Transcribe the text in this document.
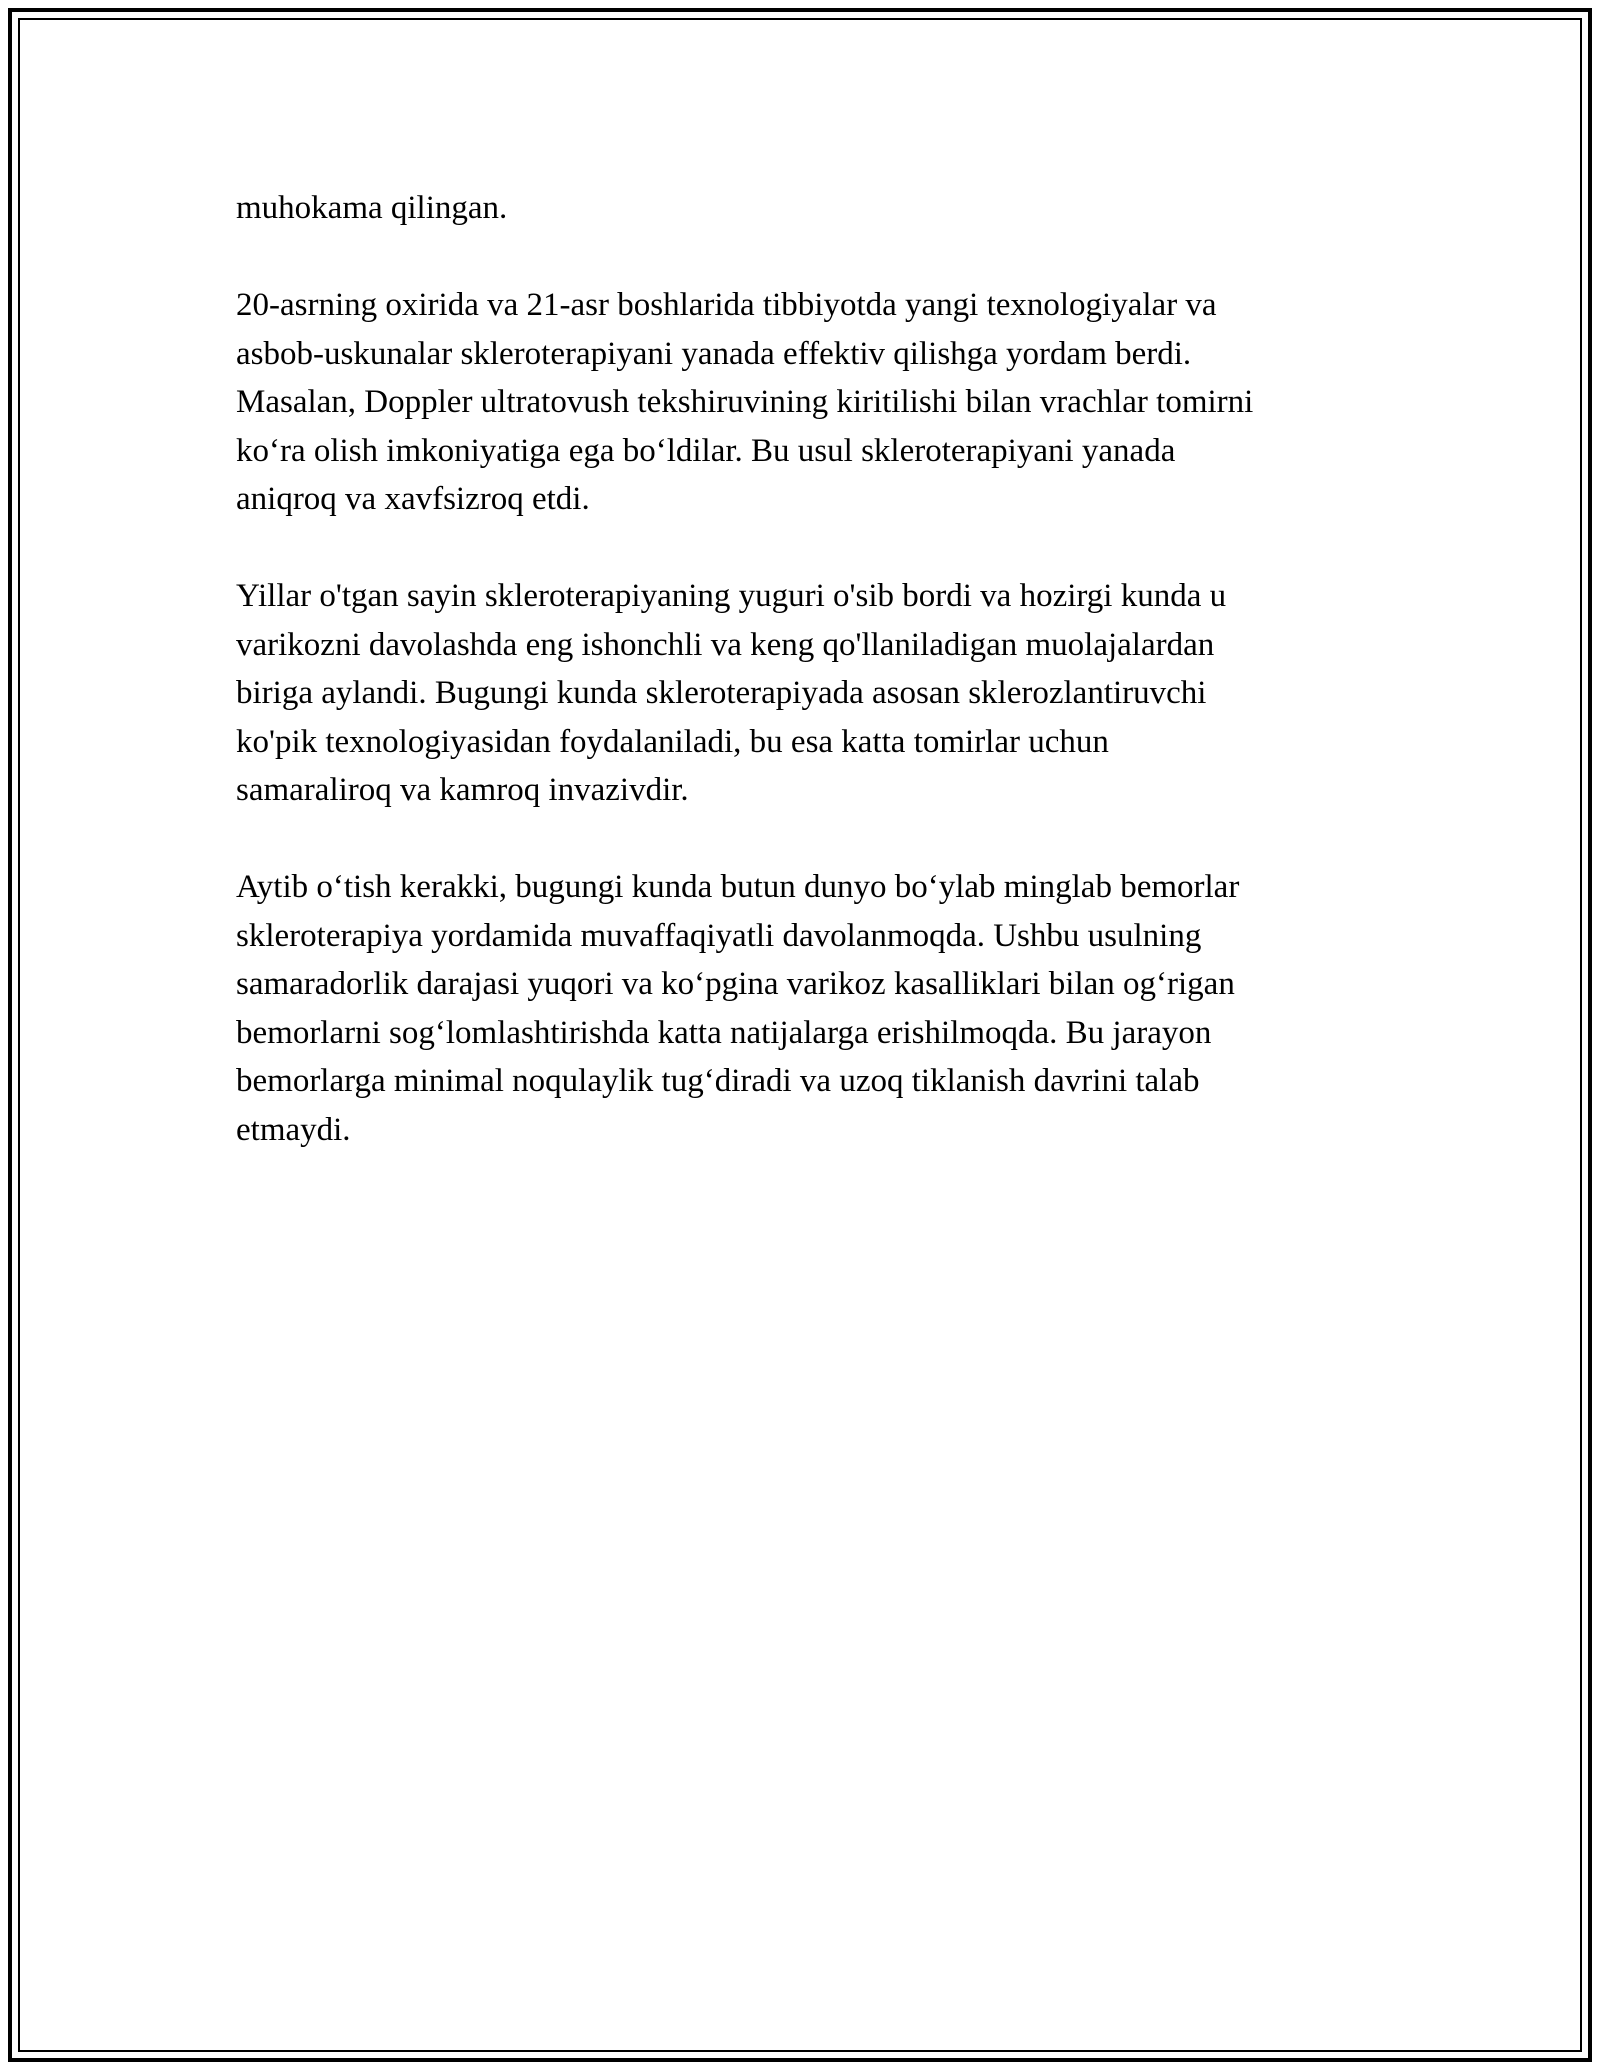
muhokama qilingan.

20-asrning oxirida va 21-asr boshlarida tibbiyotda yangi texnologiyalar va
asbob-uskunalar skleroterapiyani yanada effektiv qilishga yordam berdi.
Masalan, Doppler ultratovush tekshiruvining kiritilishi bilan vrachlar tomirni
ko‘ra olish imkoniyatiga ega bo‘ldilar. Bu usul skleroterapiyani yanada
aniqroq va xavfsizroq etdi.

Yillar o'tgan sayin skleroterapiyaning yuguri o'sib bordi va hozirgi kunda u
varikozni davolashda eng ishonchli va keng qo'llaniladigan muolajalardan
biriga aylandi. Bugungi kunda skleroterapiyada asosan sklerozlantiruvchi
ko'pik texnologiyasidan foydalaniladi, bu esa katta tomirlar uchun
samaraliroq va kamroq invazivdir.

Aytib o‘tish kerakki, bugungi kunda butun dunyo bo‘ylab minglab bemorlar
skleroterapiya yordamida muvaffaqiyatli davolanmoqda. Ushbu usulning
samaradorlik darajasi yuqori va ko‘pgina varikoz kasalliklari bilan og‘rigan
bemorlarni sog‘lomlashtirishda katta natijalarga erishilmoqda. Bu jarayon
bemorlarga minimal noqulaylik tug‘diradi va uzoq tiklanish davrini talab
etmaydi.
